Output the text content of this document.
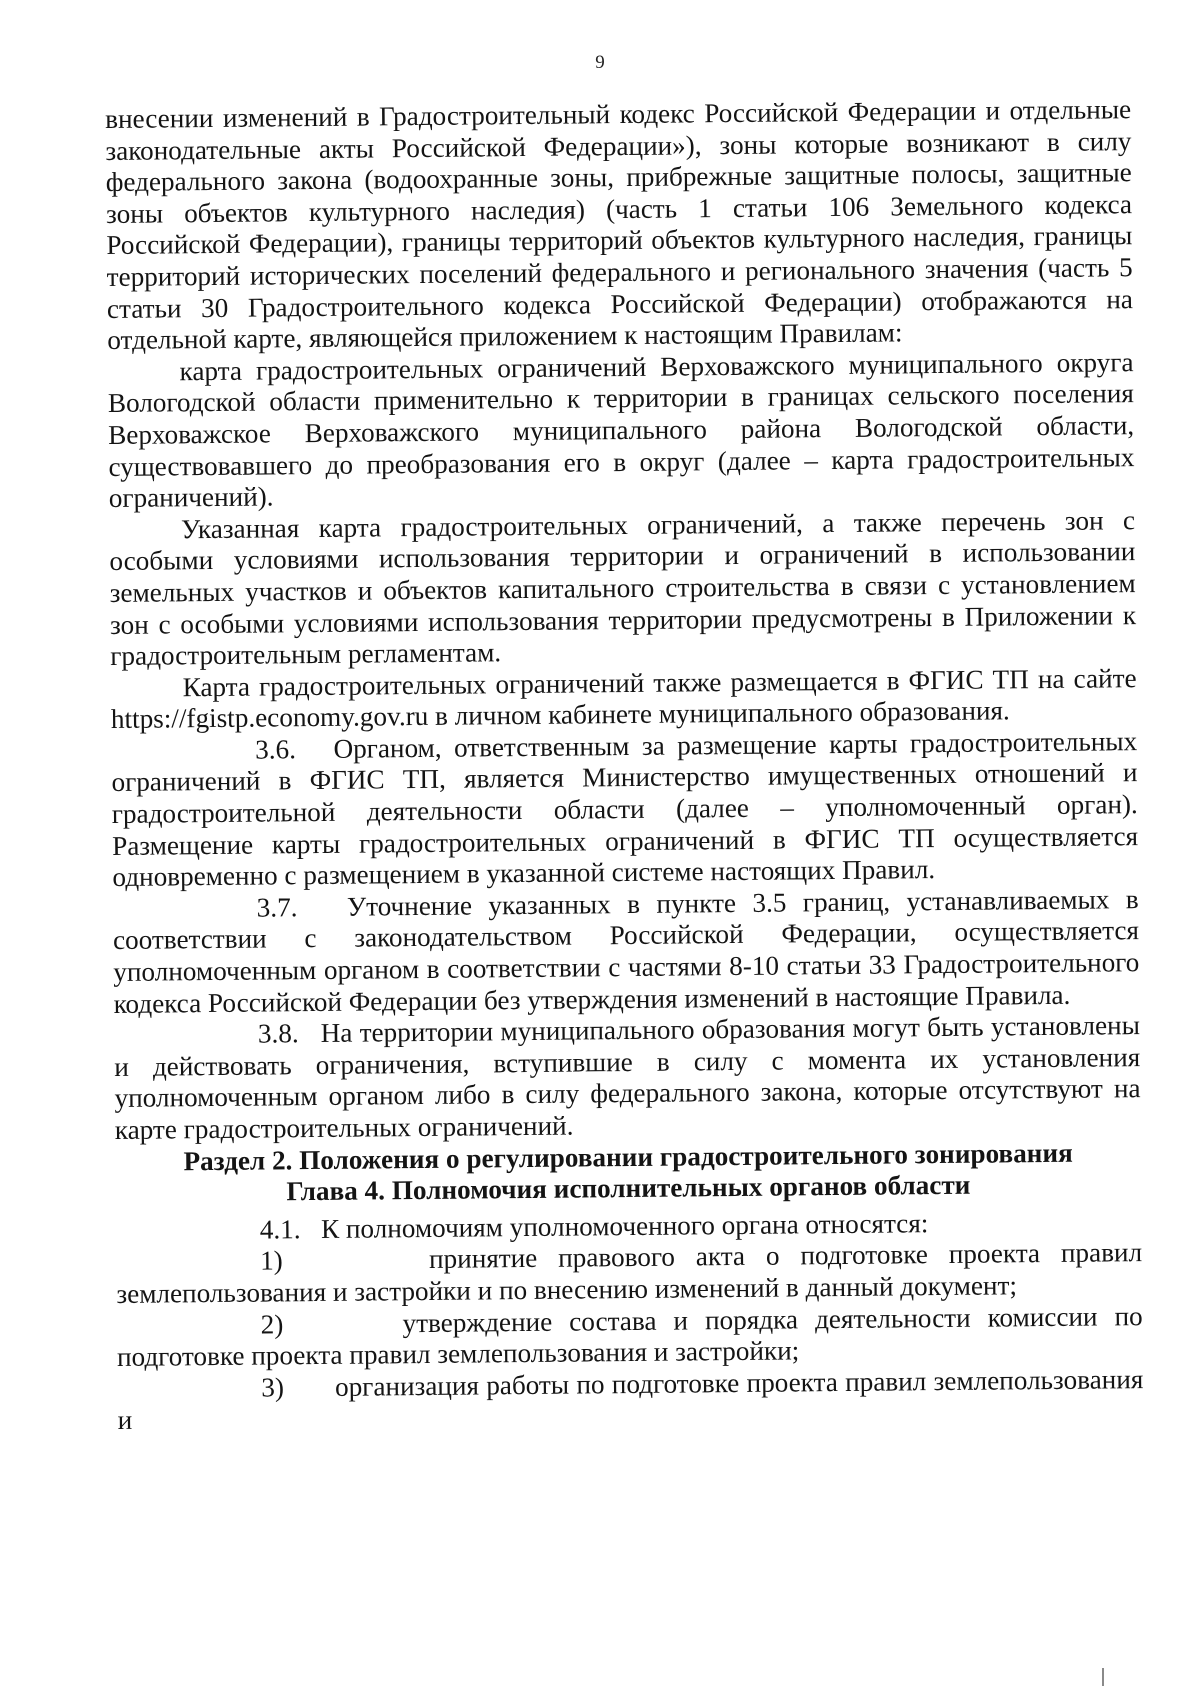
9

внесении изменений в Градостроительный кодекс Российской Федерации и отдельные законодательные акты Российской Федерации»), зоны которые возникают в силу федерального закона (водоохранные зоны, прибрежные защитные полосы, защитные зоны объектов культурного наследия) (часть 1 статьи 106 Земельного кодекса Российской Федерации), границы территорий объектов культурного наследия, границы территорий исторических поселений федерального и регионального значения (часть 5 статьи 30 Градостроительного кодекса Российской Федерации) отображаются на отдельной карте, являющейся приложением к настоящим Правилам:

карта градостроительных ограничений Верховажского муниципального округа Вологодской области применительно к территории в границах сельского поселения Верховажское Верховажского муниципального района Вологодской области, существовавшего до преобразования его в округ (далее – карта градостроительных ограничений).

Указанная карта градостроительных ограничений, а также перечень зон с особыми условиями использования территории и ограничений в использовании земельных участков и объектов капитального строительства в связи с установлением зон с особыми условиями использования территории предусмотрены в Приложении к градостроительным регламентам.

Карта градостроительных ограничений также размещается в ФГИС ТП на сайте https://fgistp.economy.gov.ru в личном кабинете муниципального образования.

3.6. Органом, ответственным за размещение карты градостроительных ограничений в ФГИС ТП, является Министерство имущественных отношений и градостроительной деятельности области (далее – уполномоченный орган). Размещение карты градостроительных ограничений в ФГИС ТП осуществляется одновременно с размещением в указанной системе настоящих Правил.

3.7. Уточнение указанных в пункте 3.5 границ, устанавливаемых в соответствии с законодательством Российской Федерации, осуществляется уполномоченным органом в соответствии с частями 8-10 статьи 33 Градостроительного кодекса Российской Федерации без утверждения изменений в настоящие Правила.

3.8. На территории муниципального образования могут быть установлены и действовать ограничения, вступившие в силу с момента их установления уполномоченным органом либо в силу федерального закона, которые отсутствуют на карте градостроительных ограничений.

Раздел 2. Положения о регулировании градостроительного зонирования

Глава 4. Полномочия исполнительных органов области

4.1. К полномочиям уполномоченного органа относятся:

1)	принятие правового акта о подготовке проекта правил землепользования и застройки и по внесению изменений в данный документ;

2)	утверждение состава и порядка деятельности комиссии по подготовке проекта правил землепользования и застройки;

3) организация работы по подготовке проекта правил землепользования и
